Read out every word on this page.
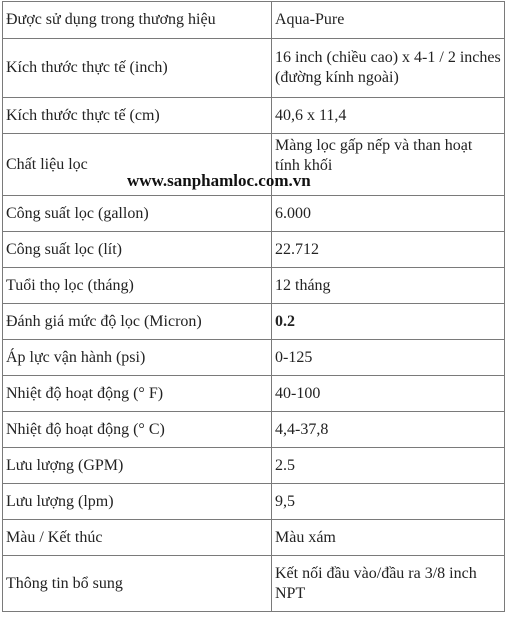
Được sử dụng trong thương hiệu	Aqua-Pure
Kích thước thực tế (inch)	16 inch (chiều cao) x 4-1 / 2 inches (đường kính ngoài)
Kích thước thực tế (cm)	40,6 x 11,4
Chất liệu lọc	Màng lọc gấp nếp và than hoạt tính khối
Công suất lọc (gallon)	6.000
Công suất lọc (lít)	22.712
Tuổi thọ lọc (tháng)	12 tháng
Đánh giá mức độ lọc (Micron)	0.2
Áp lực vận hành (psi)	0-125
Nhiệt độ hoạt động (° F)	40-100
Nhiệt độ hoạt động (° C)	4,4-37,8
Lưu lượng (GPM)	2.5
Lưu lượng (lpm)	9,5
Màu / Kết thúc	Màu xám
Thông tin bổ sung	Kết nối đầu vào/đầu ra 3/8 inch NPT
www.sanphamloc.com.vn
